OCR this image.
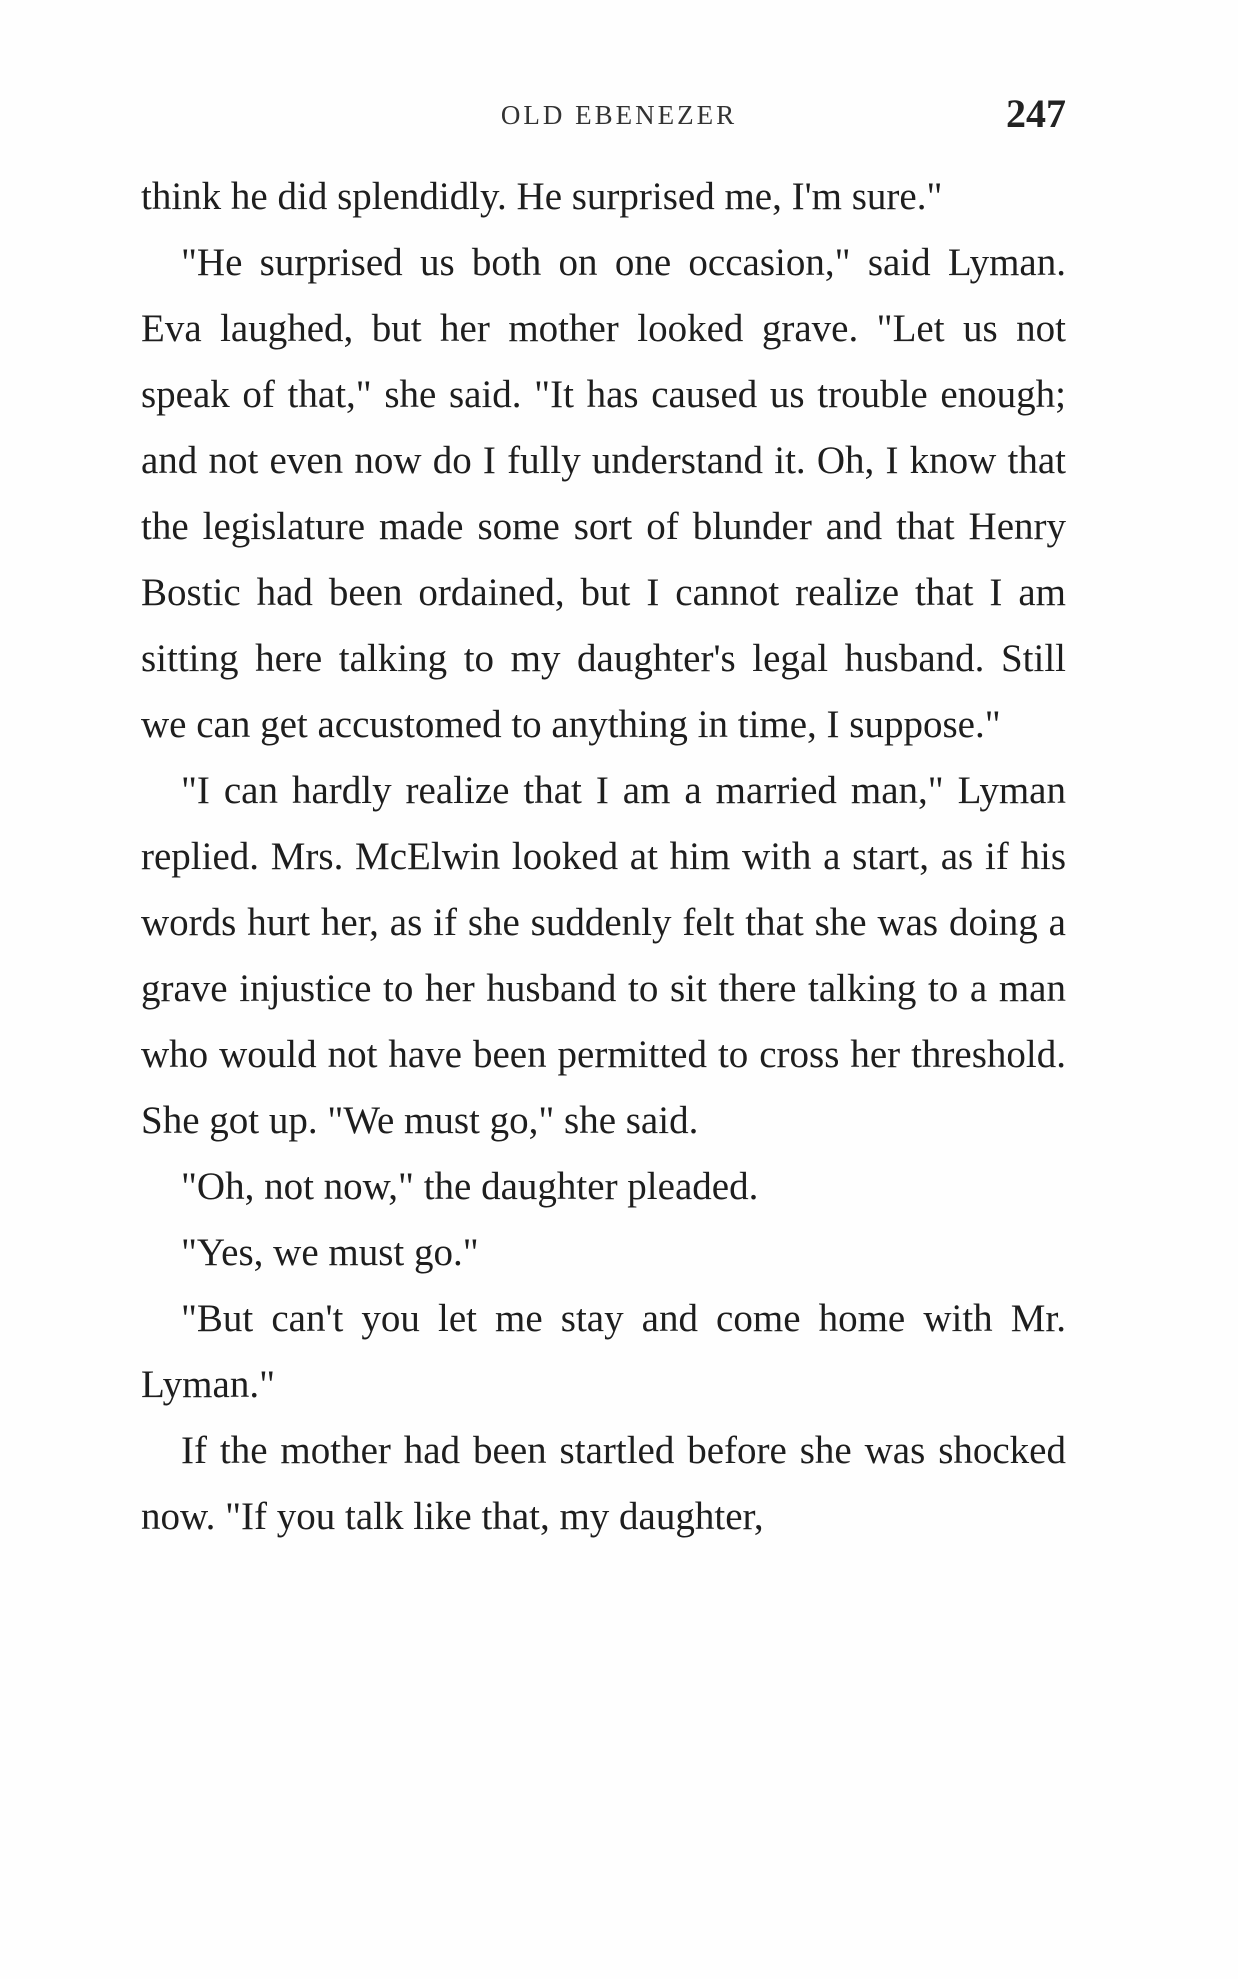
OLD EBENEZER	247

think he did splendidly. He surprised me, I'm sure."

"He surprised us both on one occasion," said Lyman. Eva laughed, but her mother looked grave. "Let us not speak of that," she said. "It has caused us trouble enough; and not even now do I fully understand it. Oh, I know that the legislature made some sort of blunder and that Henry Bostic had been ordained, but I cannot realize that I am sitting here talking to my daughter's legal husband. Still we can get accustomed to anything in time, I suppose."

"I can hardly realize that I am a married man," Lyman replied. Mrs. McElwin looked at him with a start, as if his words hurt her, as if she suddenly felt that she was doing a grave injustice to her husband to sit there talking to a man who would not have been permitted to cross her threshold. She got up. "We must go," she said.

"Oh, not now," the daughter pleaded.

"Yes, we must go."

"But can't you let me stay and come home with Mr. Lyman."

If the mother had been startled before she was shocked now. "If you talk like that, my daughter,
